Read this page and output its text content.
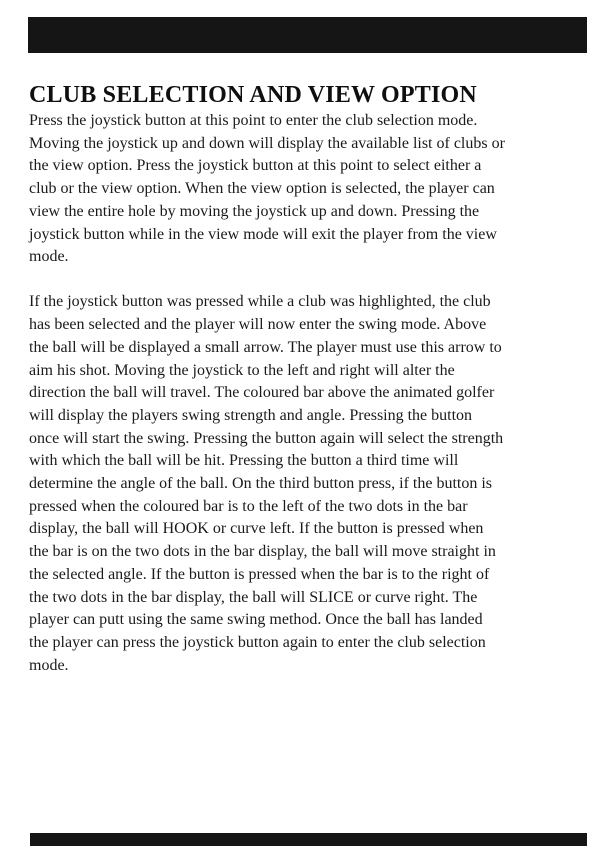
CLUB SELECTION AND VIEW OPTION

Press the joystick button at this point to enter the club selection mode.
Moving the joystick up and down will display the available list of clubs or
the view option. Press the joystick button at this point to select either a
club or the view option. When the view option is selected, the player can
view the entire hole by moving the joystick up and down. Pressing the
joystick button while in the view mode will exit the player from the view
mode.

If the joystick button was pressed while a club was highlighted, the club
has been selected and the player will now enter the swing mode. Above
the ball will be displayed a small arrow. The player must use this arrow to
aim his shot. Moving the joystick to the left and right will alter the
direction the ball will travel. The coloured bar above the animated golfer
will display the players swing strength and angle. Pressing the button
once will start the swing. Pressing the button again will select the strength
with which the ball will be hit. Pressing the button a third time will
determine the angle of the ball. On the third button press, if the button is
pressed when the coloured bar is to the left of the two dots in the bar
display, the ball will HOOK or curve left. If the button is pressed when
the bar is on the two dots in the bar display, the ball will move straight in
the selected angle. If the button is pressed when the bar is to the right of
the two dots in the bar display, the ball will SLICE or curve right. The
player can putt using the same swing method. Once the ball has landed
the player can press the joystick button again to enter the club selection
mode.
